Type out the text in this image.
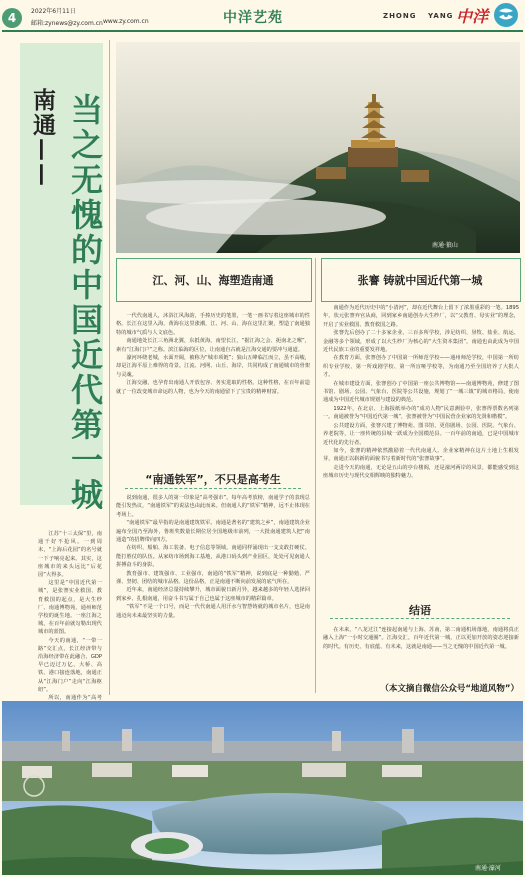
4	2022年6月11日
邮箱:zynews@zy.com.cn www.zy.com.cn	中洋艺苑	ZHONG YANG 中洋
南通—— 当之无愧的中国近代第一城

江苏“十三太保”里，南通干好不抢风。一到周末，“上海后花园”的名号就一下子响亮起来。其实，这座城市的来头远比“后花园”大得多。

这里是“中国近代第一城”，是张謇实业救国、教育救国的起点，是大生纱厂、南通博物苑、通州师范学校的诞生地。一座江海之城，在百年前就勾勒出现代城市的蓝图。

今天的南通，“一带一路”交汇点，长江经济带与沿海经济带在此融合，GDP早已迈过万亿，大桥、高铁、港口接连落地，南通正从“江海门户”走向“江海枢纽”。

所以，南通作为“高考

南通·狼山
江、河、山、海塑造南通

一代代南通人，沐浴江风海韵，手捧历史的笔墨，一笔一画书写着这座城市的性格。长江在这里入海，黄海在这里涨潮，江、河、山、海在这里汇聚，塑造了南通独特的城市气质与人文底色。

南通地处长江三角洲北翼，东抵黄海，南望长江，“据江海之会、扼南北之喉”，素有“江海门户”之称。滨江临海的区位，让南通自古就是江海交通的要冲与通道。

濠河环绕老城，水面开阔，被称为“城市项链”；狼山五峰临江而立，虽不高峻，却是江海平原上难得的奇景。江流、河网、山丘、海岸，共同构成了南通城市的骨架与灵魂。

江海交融，也孕育出南通人开放包容、务实进取的性格。这种性格，在百年前造就了一位改变城市命运的人物，也为今天的南通留下了宝贵的精神财富。

“南通铁军”，不只是高考生

说到南通，很多人的第一印象是“高考强市”。每年高考放榜，南通学子的表现总能引发热议，“南通铁军”的说法也由此而来。但南通人的“铁军”精神，远不止体现在考场上。

“南通铁军”最早指的是南通建筑铁军。南通是著名的“建筑之乡”，南通建筑企业遍布全国乃至海外，鲁班奖数量长期位居全国地级市前列，一大批南通建筑人把“南通造”的招牌带向四方。

在纺织、船舶、海工装备、电子信息等领域，南通同样涌现出一支支敢打硬仗、能打胜仗的队伍。从家纺市场到海工基地，从港口码头到产业园区，处处可见南通人拼搏奋斗的身影。

教育强市、建筑强市、工业强市，南通的“铁军”精神，说到底是一种勤勉、严谨、坚韧、团结的城市品格。这份品格，正是南通不断向前发展的底气所在。

近年来，南通经济总量持续攀升，城市面貌日新月异，越来越多的年轻人选择回到家乡、扎根南通，用奋斗书写属于自己也属于这座城市的精彩篇章。

“铁军”不是一个口号，而是一代代南通人用汗水与智慧铸就的城市名片，也是南通迈向未来最坚实的力量。

张謇 铸就中国近代第一城

南通作为近代历史中的“小清河”，却在近代舞台上留下了浓墨重彩的一笔。1895年，状元张謇弃官从商，回到家乡南通创办大生纱厂，以“父教育、母实业”的理念，开启了实业救国、教育救国之路。

张謇先后创办了二十多家企业、三百多所学校，涉足纺织、垦牧、盐业、航运、金融等多个领域，形成了以大生纱厂为核心的“大生资本集团”，南通也由此成为中国近代民族工业的重要发祥地。

在教育方面，张謇创办了中国第一所师范学校——通州师范学校，中国第一所纺织专业学校、第一所戏剧学校、第一所盲哑学校等，为南通乃至全国培养了大批人才。

在城市建设方面，张謇创办了中国第一座公共博物馆——南通博物苑，修建了图书馆、剧场、公园、气象台、医院等公共设施，规划了“一城三镇”的城市格局，使南通成为中国近代城市规划与建设的典范。

1922年，在北京、上海报纸举办的“成功人物”民意测验中，张謇得票数名列第一。南通被誉为“中国近代第一城”，张謇被誉为“中国民营企业家的先贤和楷模”。

公共建设方面，张謇兴建了博物苑、图书馆、更俗剧场、公园、医院、气象台、养老院等，让一座传统的县城一跃成为全国模范县。一百年前的南通，已是中国城市近代化的先行者。

如今，张謇的精神依然激励着一代代南通人。企业家精神在这片土地上生根发芽，南通正以崭新的面貌书写着新时代的“张謇故事”。

走进今天的南通，无论是五山的亭台楼阁，还是濠河两岸的风景，都能感受到这座城市历史与现代交相辉映的独特魅力。

结语

在未来，“八龙过江”连接起南通与上海、苏南，第二南通机场落地，南通将真正融入上海“一小时交通圈”。江海交汇，百年近代第一城，正以更加开放的姿态迎接新的时代。有历史、有底蕴、有未来，这就是南通——当之无愧的中国近代第一城。

（本文摘自微信公众号“地道风物”）
南通·濠河
